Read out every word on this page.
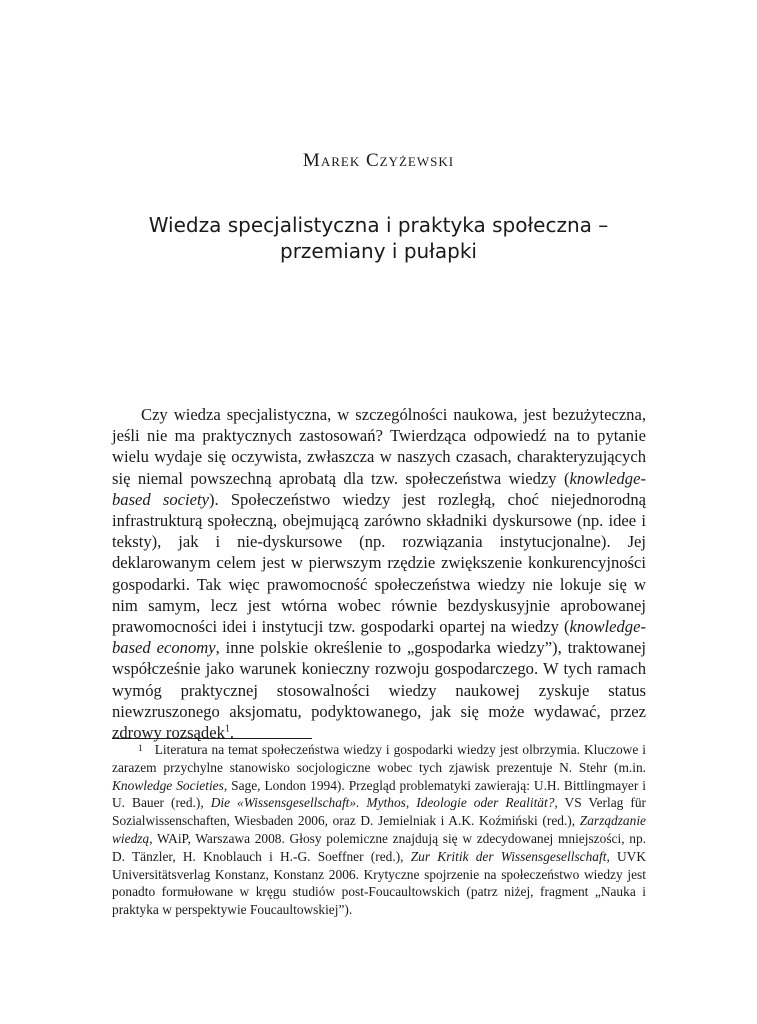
Marek Czyżewski
Wiedza specjalistyczna i praktyka społeczna –
przemiany i pułapki

Czy wiedza specjalistyczna, w szczególności naukowa, jest bezużyteczna, jeśli nie ma praktycznych zastosowań? Twierdząca odpowiedź na to pytanie wielu wydaje się oczywista, zwłaszcza w naszych czasach, charakteryzujących się niemal powszechną aprobatą dla tzw. społeczeństwa wiedzy (knowledge-based society). Społeczeństwo wiedzy jest rozległą, choć niejednorodną infrastrukturą społeczną, obejmującą zarówno składniki dyskursowe (np. idee i teksty), jak i nie-dyskursowe (np. rozwiązania instytucjonalne). Jej deklarowanym celem jest w pierwszym rzędzie zwiększenie konkurencyjności gospodarki. Tak więc prawomocność społeczeństwa wiedzy nie lokuje się w nim samym, lecz jest wtórna wobec równie bezdyskusyjnie aprobowanej prawomocności idei i instytucji tzw. gospodarki opartej na wiedzy (knowledge-based economy, inne polskie określenie to „gospodarka wiedzy”), traktowanej współcześnie jako warunek konieczny rozwoju gospodarczego. W tych ramach wymóg praktycznej stosowalności wiedzy naukowej zyskuje status niewzruszonego aksjomatu, podyktowanego, jak się może wydawać, przez zdrowy rozsądek$^1$.

$^1$ Literatura na temat społeczeństwa wiedzy i gospodarki wiedzy jest olbrzymia. Kluczowe i zarazem przychylne stanowisko socjologiczne wobec tych zjawisk prezentuje N. Stehr (m.in. Knowledge Societies, Sage, London 1994). Przegląd problematyki zawierają: U.H. Bittlingmayer i U. Bauer (red.), Die «Wissensgesellschaft». Mythos, Ideologie oder Realität?, VS Verlag für Sozialwissenschaften, Wiesbaden 2006, oraz D. Jemielniak i A.K. Koźmiński (red.), Zarządzanie wiedzą, WAiP, Warszawa 2008. Głosy polemiczne znajdują się w zdecydowanej mniejszości, np. D. Tänzler, H. Knoblauch i H.-G. Soeffner (red.), Zur Kritik der Wissensgesellschaft, UVK Universitätsverlag Konstanz, Konstanz 2006. Krytyczne spojrzenie na społeczeństwo wiedzy jest ponadto formułowane w kręgu studiów post-Foucaultowskich (patrz niżej, fragment „Nauka i praktyka w perspektywie Foucaultowskiej”).
